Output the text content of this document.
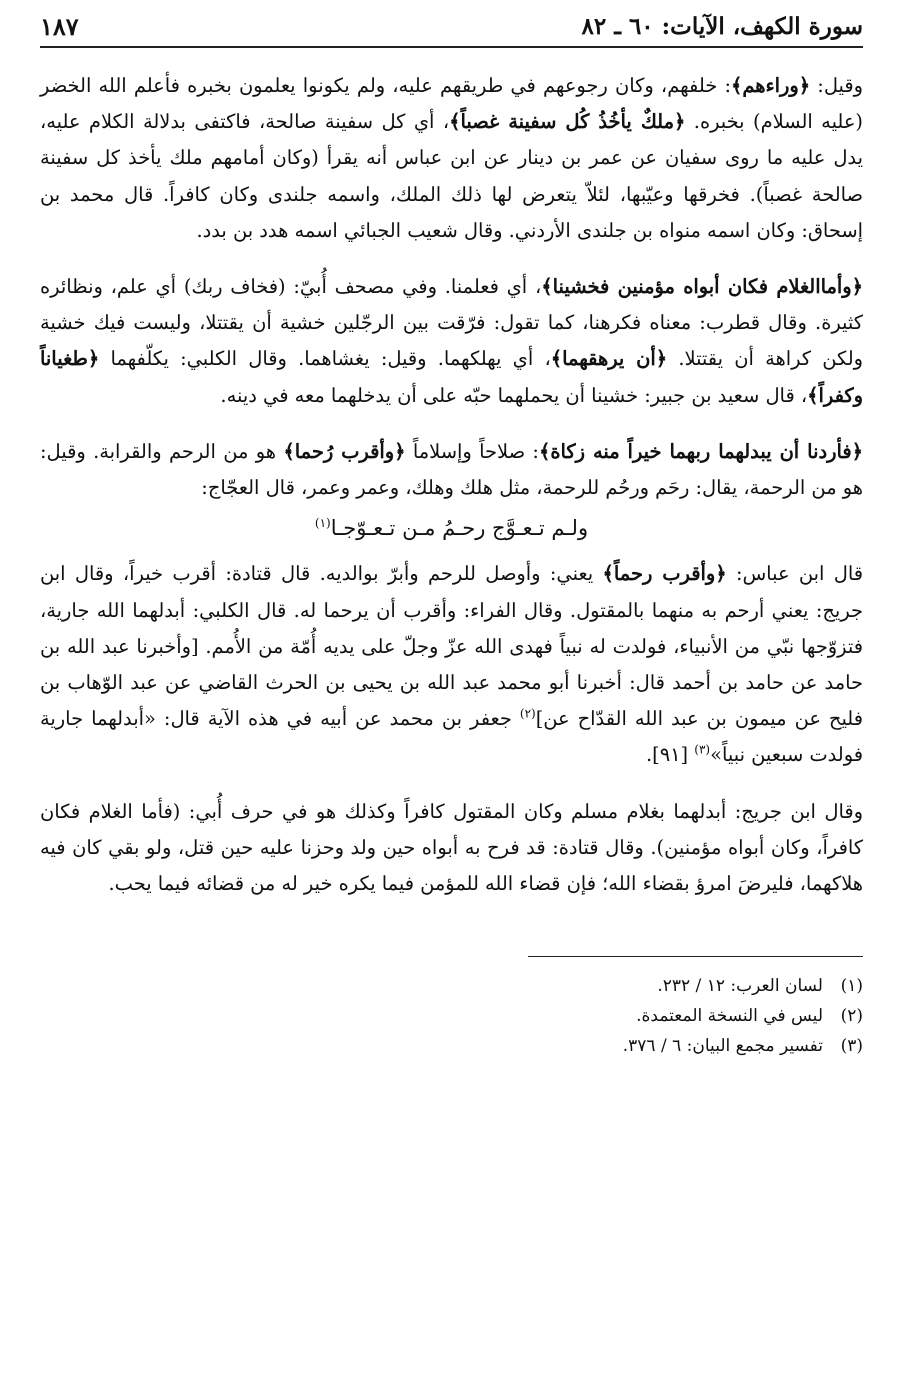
سورة الكهف، الآيات: ٦٠ ـ ٨٢
١٨٧

وقيل: ﴿وراءهم﴾: خلفهم، وكان رجوعهم في طريقهم عليه، ولم يكونوا يعلمون بخبره فأعلم الله الخضر (عليه السلام) بخبره. ﴿ملكٌ يأخُذُ كُل سفينة غصباً﴾، أي كل سفينة صالحة، فاكتفى بدلالة الكلام عليه، يدل عليه ما روى سفيان عن عمر بن دينار عن ابن عباس أنه يقرأ (وكان أمامهم ملك يأخذ كل سفينة صالحة غصباً). فخرقها وعيّبها، لئلاّ يتعرض لها ذلك الملك، واسمه جلندى وكان كافراً. قال محمد بن إسحاق: وكان اسمه منواه بن جلندى الأردني. وقال شعيب الجبائي اسمه هدد بن بدد.

﴿وأماالغلام فكان أبواه مؤمنين فخشينا﴾، أي فعلمنا. وفي مصحف أُبيّ: (فخاف ربك) أي علم، ونظائره كثيرة. وقال قطرب: معناه فكرهنا، كما تقول: فرّقت بين الرجّلين خشية أن يقتتلا، وليست فيك خشية ولكن كراهة أن يقتتلا. ﴿أن يرهقهما﴾، أي يهلكهما. وقيل: يغشاهما. وقال الكلبي: يكلّفهما ﴿طغياناً وكفراً﴾، قال سعيد بن جبير: خشينا أن يحملهما حبّه على أن يدخلهما معه في دينه.

﴿فأردنا أن يبدلهما ربهما خيراً منه زكاة﴾: صلاحاً وإسلاماً ﴿وأقرب رُحما﴾ هو من الرحم والقرابة. وقيل: هو من الرحمة، يقال: رحَم ورحُم للرحمة، مثل هلك وهلك، وعمر وعمر، قال العجّاج:

ولـم تـعـوَّج رحـمُ مـن تـعـوّجـا$^{(١)}$

قال ابن عباس: ﴿وأقرب رحماً﴾ يعني: وأوصل للرحم وأبرّ بوالديه. قال قتادة: أقرب خيراً، وقال ابن جريج: يعني أرحم به منهما بالمقتول. وقال الفراء: وأقرب أن يرحما له. قال الكلبي: أبدلهما الله جارية، فتزوّجها نبّي من الأنبياء، فولدت له نبياً فهدى الله عزّ وجلّ على يديه أُمّة من الأُمم. [وأخبرنا عبد الله بن حامد عن حامد بن أحمد قال: أخبرنا أبو محمد عبد الله بن يحيى بن الحرث القاضي عن عبد الوّهاب بن فليح عن ميمون بن عبد الله القدّاح عن]$^{(٢)}$ جعفر بن محمد عن أبيه في هذه الآية قال: «أبدلهما جارية فولدت سبعين نبياً»$^{(٣)}$ [٩١].

وقال ابن جريج: أبدلهما بغلام مسلم وكان المقتول كافراً وكذلك هو في حرف أُبي: (فأما الغلام فكان كافراً، وكان أبواه مؤمنين). وقال قتادة: قد فرح به أبواه حين ولد وحزنا عليه حين قتل، ولو بقي كان فيه هلاكهما، فليرضَ امرؤ بقضاء الله؛ فإن قضاء الله للمؤمن فيما يكره خير له من قضائه فيما يحب.

(١)
لسان العرب: ١٢ / ٢٣٢.
(٢)
ليس في النسخة المعتمدة.
(٣)
تفسير مجمع البيان: ٦ / ٣٧٦.
